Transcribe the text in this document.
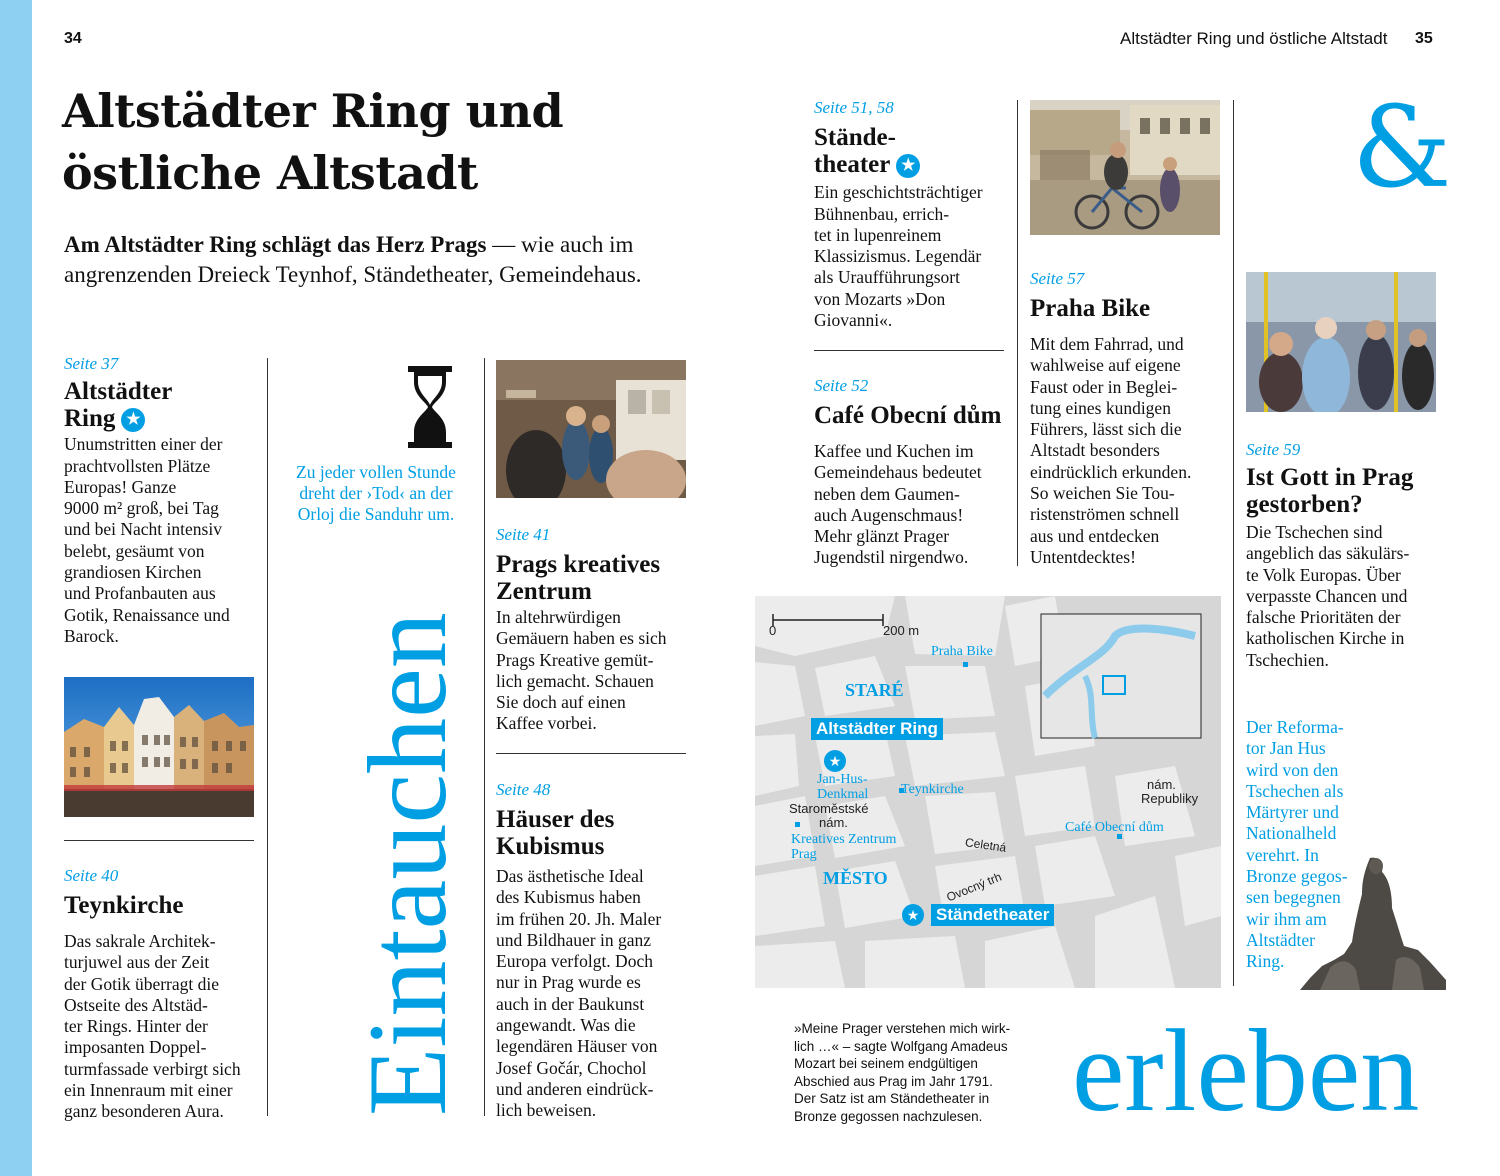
34	Altstädter Ring und östliche Altstadt 35
Altstädter Ring und
östliche Altstadt
Am Altstädter Ring schlägt das Herz Prags — wie auch im
angrenzenden Dreieck Teynhof, Ständetheater, Gemeindehaus.
Seite 37
Altstädter
Ring ★
Unumstritten einer der
prachtvollsten Plätze
Europas! Ganze
9000 m² groß, bei Tag
und bei Nacht intensiv
belebt, gesäumt von
grandiosen Kirchen
und Profanbauten aus
Gotik, Renaissance und
Barock.
Seite 40
Teynkirche
Das sakrale Architek-
turjuwel aus der Zeit
der Gotik überragt die
Ostseite des Altstäd-
ter Rings. Hinter der
imposanten Doppel-
turmfassade verbirgt sich
ein Innenraum mit einer
ganz besonderen Aura.
Zu jeder vollen Stunde
dreht der ›Tod‹ an der
Orloj die Sanduhr um.
Eintauchen
Seite 41
Prags kreatives
Zentrum
In altehrwürdigen
Gemäuern haben es sich
Prags Kreative gemüt-
lich gemacht. Schauen
Sie doch auf einen
Kaffee vorbei.
Seite 48
Häuser des
Kubismus
Das ästhetische Ideal
des Kubismus haben
im frühen 20. Jh. Maler
und Bildhauer in ganz
Europa verfolgt. Doch
nur in Prag wurde es
auch in der Baukunst
angewandt. Was die
legendären Häuser von
Josef Gočár, Chochol
und anderen eindrück-
lich beweisen.
Seite 51, 58
Stände-
theater ★
Ein geschichtsträchtiger
Bühnenbau, errich-
tet in lupenreinem
Klassizismus. Legendär
als Uraufführungsort
von Mozarts »Don
Giovanni«.
Seite 52
Café Obecní dům
Kaffee und Kuchen im
Gemeindehaus bedeutet
neben dem Gaumen-
auch Augenschmaus!
Mehr glänzt Prager
Jugendstil nirgendwo.
Seite 57
Praha Bike
Mit dem Fahrrad, und
wahlweise auf eigene
Faust oder in Beglei-
tung eines kundigen
Führers, lässt sich die
Altstadt besonders
eindrücklich erkunden.
So weichen Sie Tou-
ristenströmen schnell
aus und entdecken
Untentdecktes!
&
Seite 59
Ist Gott in Prag
gestorben?
Die Tschechen sind
angeblich das säkulärs-
te Volk Europas. Über
verpasste Chancen und
falsche Prioritäten der
katholischen Kirche in
Tschechien.
Der Reforma-
tor Jan Hus
wird von den
Tschechen als
Märtyrer und
Nationalheld
verehrt. In
Bronze gegos-
sen begegnen
wir ihm am
Altstädter
Ring.
★
★
0	200 m
Praha Bike
STARÉ
Altstädter Ring
Jan-Hus-
Denkmal Teynkirche
Staroměstské
nám.
Kreatives Zentrum
Prag
nám.
Republiky
Café Obecní dům
Celetná
MĚSTO	Ovocný trh
Ständetheater
»Meine Prager verstehen mich wirk-
lich …« – sagte Wolfgang Amadeus
Mozart bei seinem endgültigen
Abschied aus Prag im Jahr 1791.
Der Satz ist am Ständetheater in
Bronze gegossen nachzulesen. erleben
